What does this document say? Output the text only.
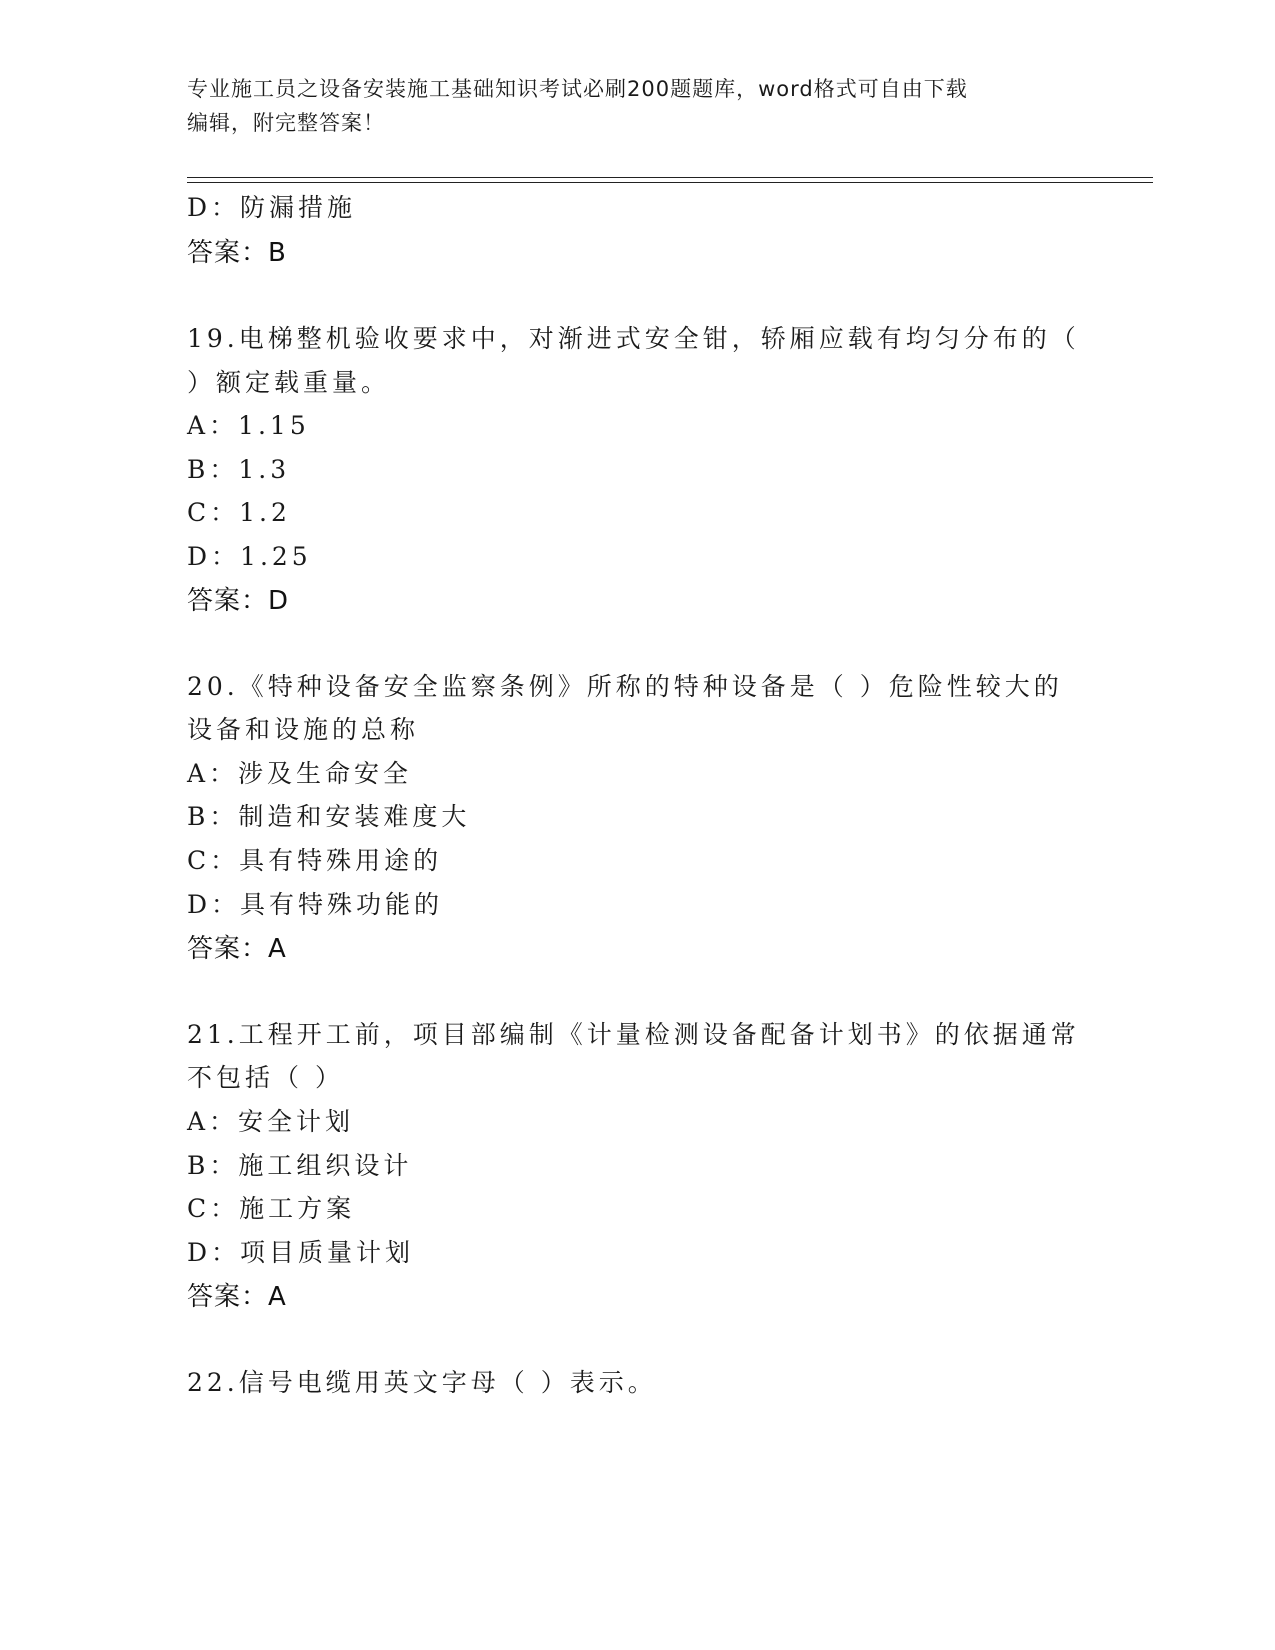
专业施工员之设备安装施工基础知识考试必刷200题题库，word格式可自由下载
编辑，附完整答案！
D：防漏措施
答案：B
19.电梯整机验收要求中，对渐进式安全钳，轿厢应载有均匀分布的（
）额定载重量。
A：1.15
B：1.3
C：1.2
D：1.25
答案：D
20.《特种设备安全监察条例》所称的特种设备是（ ）危险性较大的
设备和设施的总称
A：涉及生命安全
B：制造和安装难度大
C：具有特殊用途的
D：具有特殊功能的
答案：A
21.工程开工前，项目部编制《计量检测设备配备计划书》的依据通常
不包括（ ）
A：安全计划
B：施工组织设计
C：施工方案
D：项目质量计划
答案：A
22.信号电缆用英文字母（ ）表示。
